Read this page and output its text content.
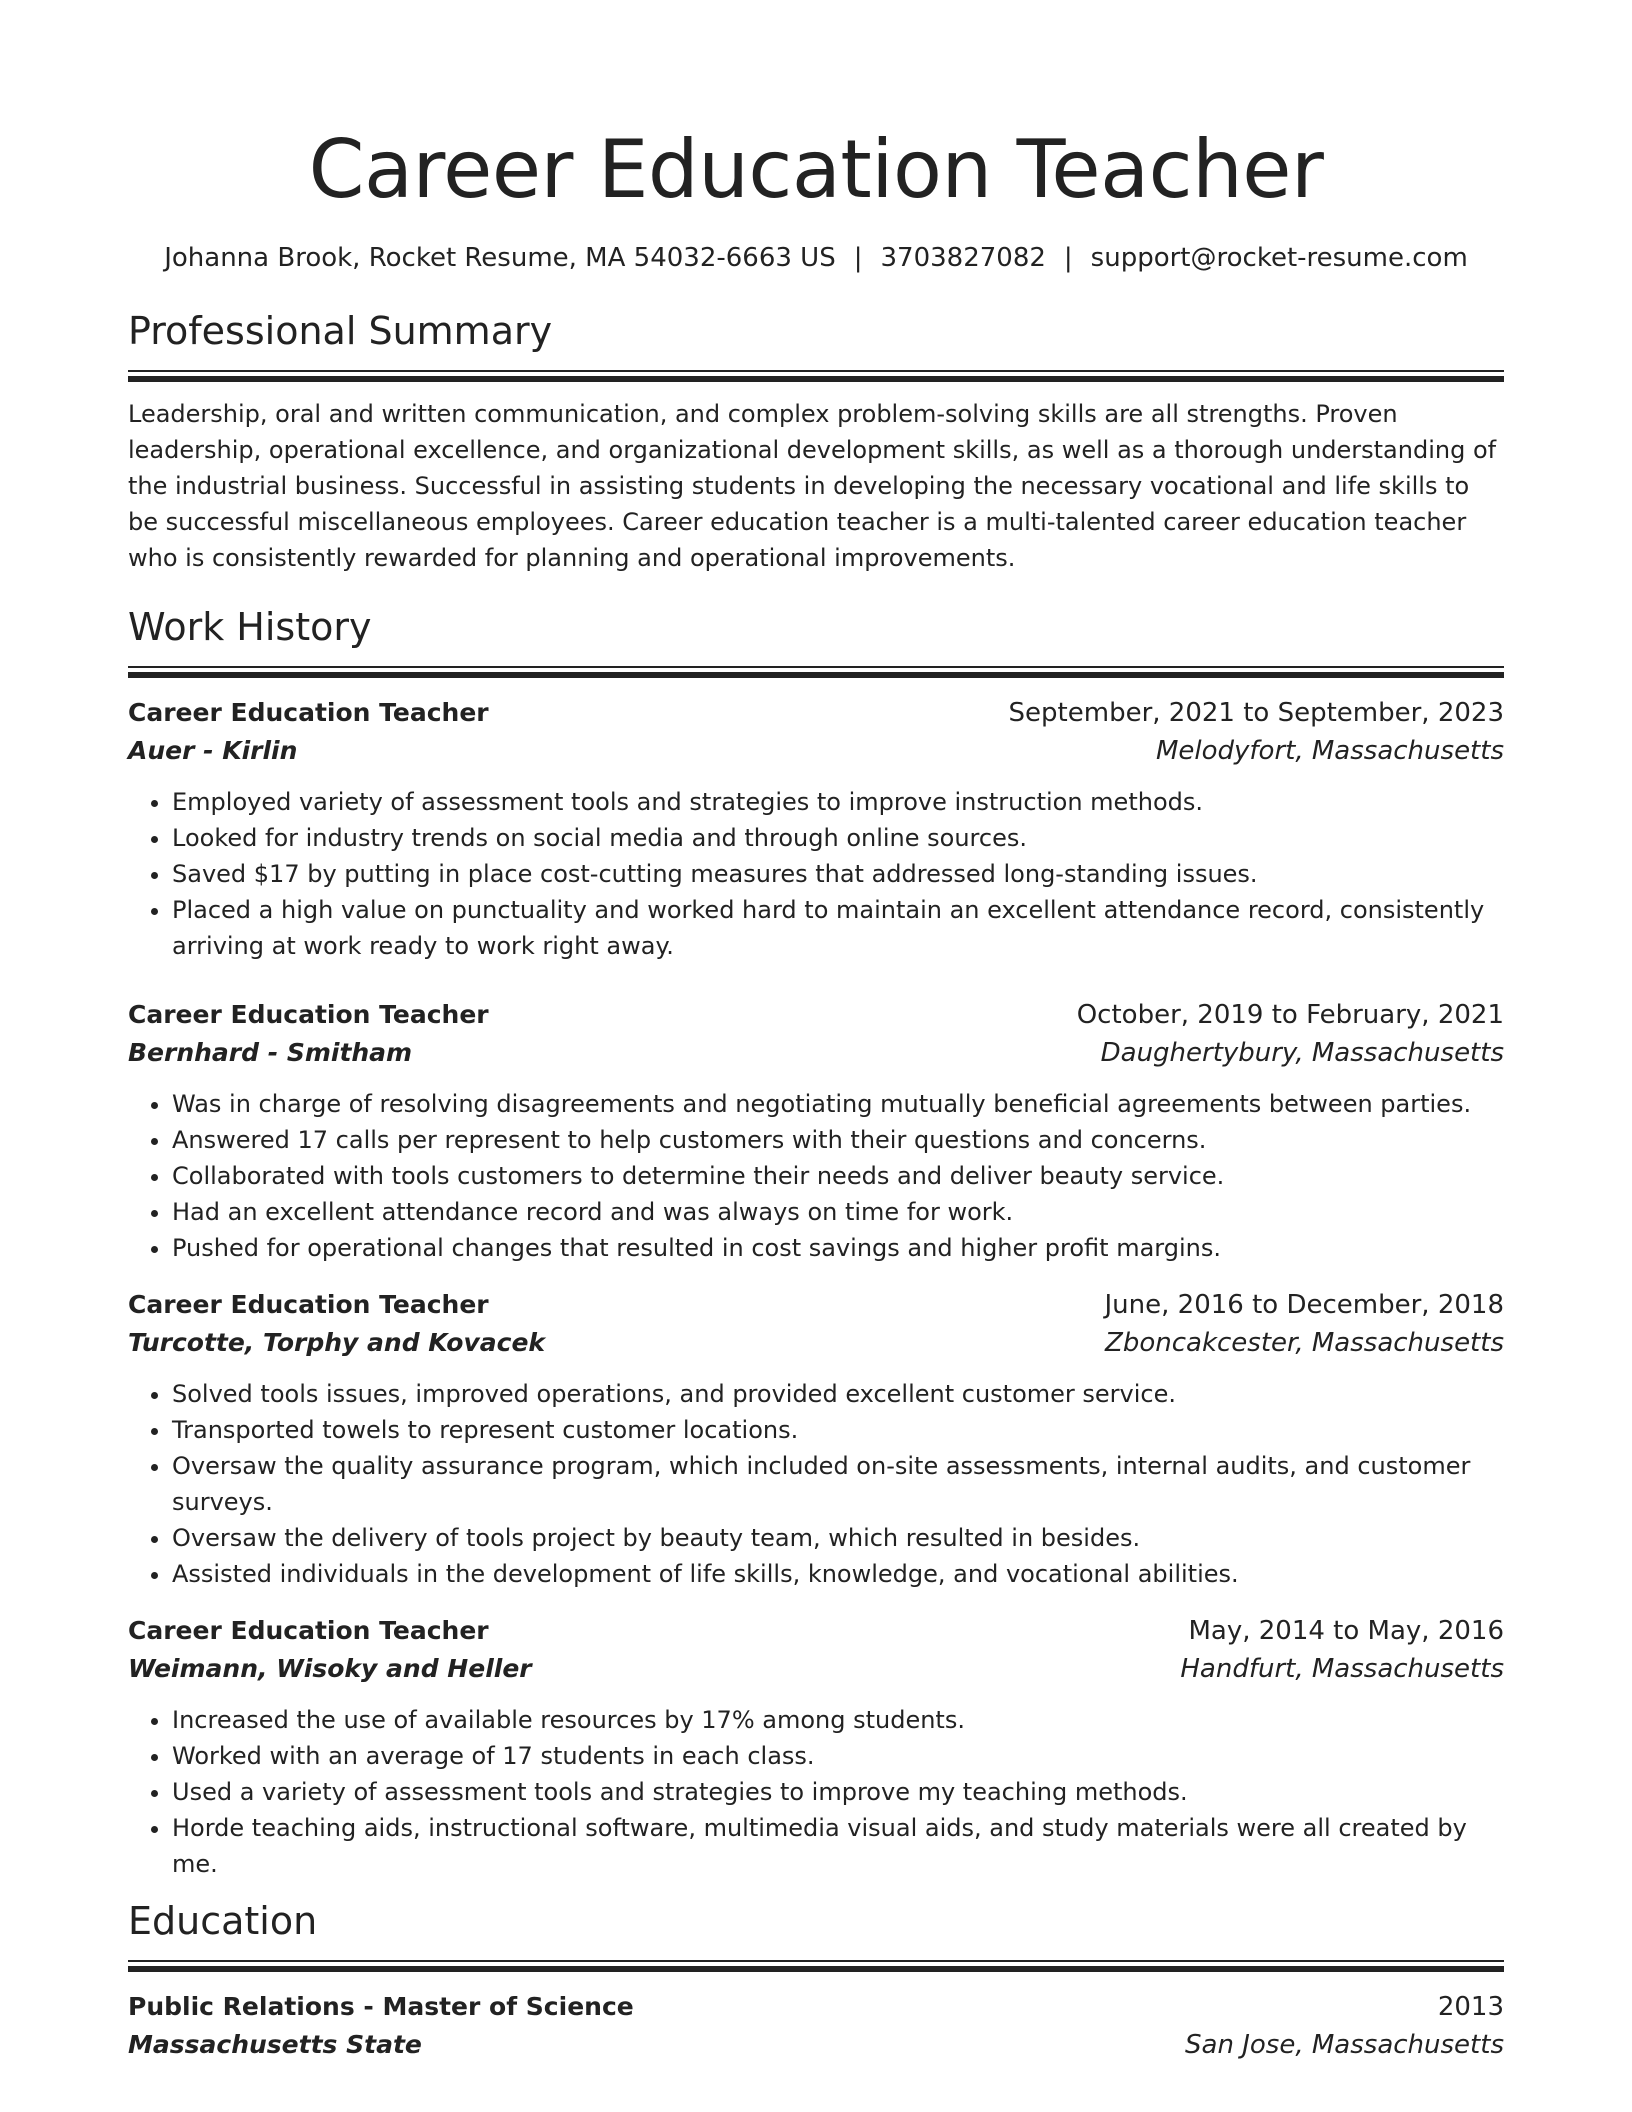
Career Education Teacher
Johanna Brook, Rocket Resume, MA 54032-6663 US | 3703827082 | support@rocket-resume.com
Professional Summary

Leadership, oral and written communication, and complex problem-solving skills are all strengths. Proven leadership, operational excellence, and organizational development skills, as well as a thorough understanding of the industrial business. Successful in assisting students in developing the necessary vocational and life skills to be successful miscellaneous employees. Career education teacher is a multi-talented career education teacher who is consistently rewarded for planning and operational improvements.

Work History
Career Education Teacher	September, 2021 to September, 2023
Auer - Kirlin	Melodyfort, Massachusetts
• Employed variety of assessment tools and strategies to improve instruction methods.
• Looked for industry trends on social media and through online sources.
• Saved $17 by putting in place cost-cutting measures that addressed long-standing issues.
• Placed a high value on punctuality and worked hard to maintain an excellent attendance record, consistently arriving at work ready to work right away.
Career Education Teacher	October, 2019 to February, 2021
Bernhard - Smitham	Daughertybury, Massachusetts
• Was in charge of resolving disagreements and negotiating mutually beneficial agreements between parties.
• Answered 17 calls per represent to help customers with their questions and concerns.
• Collaborated with tools customers to determine their needs and deliver beauty service.
• Had an excellent attendance record and was always on time for work.
• Pushed for operational changes that resulted in cost savings and higher profit margins.
Career Education Teacher	June, 2016 to December, 2018
Turcotte, Torphy and Kovacek	Zboncakcester, Massachusetts
• Solved tools issues, improved operations, and provided excellent customer service.
• Transported towels to represent customer locations.
• Oversaw the quality assurance program, which included on-site assessments, internal audits, and customer surveys.
• Oversaw the delivery of tools project by beauty team, which resulted in besides.
• Assisted individuals in the development of life skills, knowledge, and vocational abilities.
Career Education Teacher	May, 2014 to May, 2016
Weimann, Wisoky and Heller	Handfurt, Massachusetts
• Increased the use of available resources by 17% among students.
• Worked with an average of 17 students in each class.
• Used a variety of assessment tools and strategies to improve my teaching methods.
• Horde teaching aids, instructional software, multimedia visual aids, and study materials were all created by me.
Education
Public Relations - Master of Science	2013
Massachusetts State	San Jose, Massachusetts
